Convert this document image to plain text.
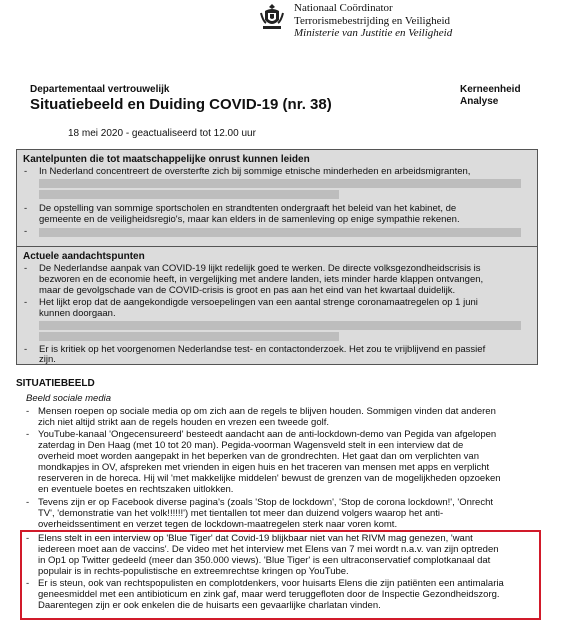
Nationaal Coördinator
Terrorismebestrijding en Veiligheid
Ministerie van Justitie en Veiligheid
Departementaal vertrouwelijk
Situatiebeeld en Duiding COVID-19 (nr. 38)
Kerneenheid
Analyse
18 mei 2020 - geactualiseerd tot 12.00 uur
Kantelpunten die tot maatschappelijke onrust kunnen leiden
- In Nederland concentreert de oversterfte zich bij sommige etnische minderheden en arbeidsmigranten,
- De opstelling van sommige sportscholen en strandtenten ondergraaft het beleid van het kabinet, de
gemeente en de veiligheidsregio's, maar kan elders in de samenleving op enige sympathie rekenen.
-
Actuele aandachtspunten
- De Nederlandse aanpak van COVID-19 lijkt redelijk goed te werken. De directe volksgezondheidscrisis is
bezworen en de economie heeft, in vergelijking met andere landen, iets minder harde klappen ontvangen,
maar de gevolgschade van de COVID-crisis is groot en pas aan het eind van het kwartaal duidelijk.
- Het lijkt erop dat de aangekondigde versoepelingen van een aantal strenge coronamaatregelen op 1 juni
kunnen doorgaan.
- Er is kritiek op het voorgenomen Nederlandse test- en contactonderzoek. Het zou te vrijblijvend en passief
zijn.
SITUATIEBEELD
Beeld sociale media
- Mensen roepen op sociale media op om zich aan de regels te blijven houden. Sommigen vinden dat anderen
zich niet altijd strikt aan de regels houden en vrezen een tweede golf.
- YouTube-kanaal 'Ongecensureerd' besteedt aandacht aan de anti-lockdown-demo van Pegida van afgelopen
zaterdag in Den Haag (met 10 tot 20 man). Pegida-voorman Wagensveld stelt in een interview dat de
overheid moet worden aangepakt in het beperken van de grondrechten. Het gaat dan om verplichten van
mondkapjes in OV, afspreken met vrienden in eigen huis en het traceren van mensen met apps en verplicht
reserveren in de horeca. Hij wil 'met makkelijke middelen' bewust de grenzen van de mogelijkheden opzoeken
en eventuele boetes en rechtszaken uitlokken.
- Tevens zijn er op Facebook diverse pagina's (zoals 'Stop de lockdown', 'Stop de corona lockdown!', 'Onrecht
TV', 'demonstratie van het volk!!!!!!') met tientallen tot meer dan duizend volgers waarop het anti-
overheidssentiment en verzet tegen de lockdown-maatregelen sterk naar voren komt.
- Elens stelt in een interview op 'Blue Tiger' dat Covid-19 blijkbaar niet van het RIVM mag genezen, 'want
iedereen moet aan de vaccins'. De video met het interview met Elens van 7 mei wordt n.a.v. van zijn optreden
in Op1 op Twitter gedeeld (meer dan 350.000 views). 'Blue Tiger' is een ultraconservatief complotkanaal dat
populair is in rechts-populistische en extreemrechtse kringen op YouTube.
- Er is steun, ook van rechtspopulisten en complotdenkers, voor huisarts Elens die zijn patiënten een antimalaria
geneesmiddel met een antibioticum en zink gaf, maar werd teruggefloten door de Inspectie Gezondheidszorg.
Daarentegen zijn er ook enkelen die de huisarts een gevaarlijke charlatan vinden.
